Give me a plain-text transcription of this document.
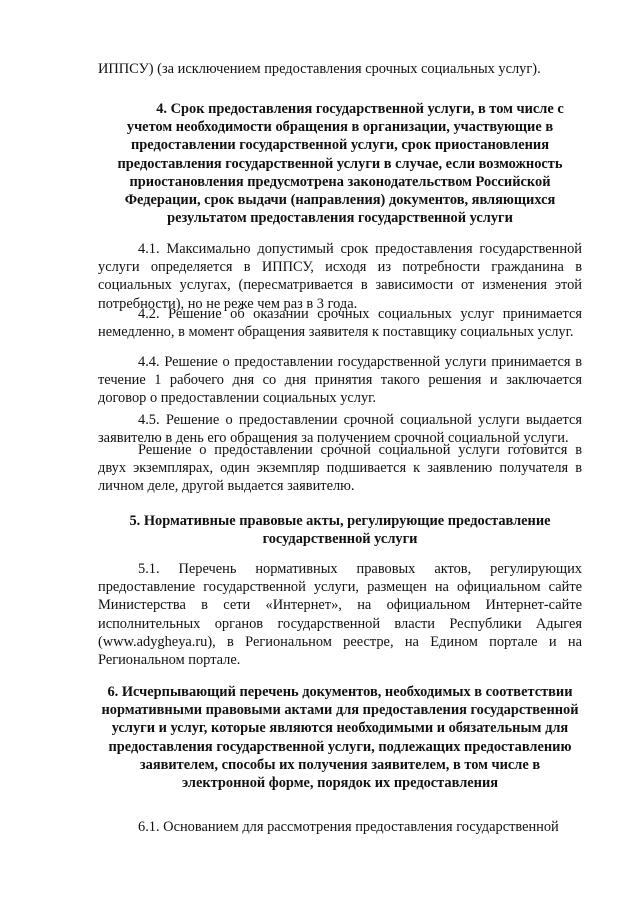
ИППСУ) (за исключением предоставления срочных социальных услуг).

4. Срок предоставления государственной услуги, в том числе с учетом необходимости обращения в организации, участвующие в предоставлении государственной услуги, срок приостановления предоставления государственной услуги в случае, если возможность приостановления предусмотрена законодательством Российской Федерации, срок выдачи (направления) документов, являющихся результатом предоставления государственной услуги

4.1. Максимально допустимый срок предоставления государственной услуги определяется в ИППСУ, исходя из потребности гражданина в социальных услугах, (пересматривается в зависимости от изменения этой потребности), но не реже чем раз в 3 года.

4.2. Решение об оказании срочных социальных услуг принимается немедленно, в момент обращения заявителя к поставщику социальных услуг.

4.4. Решение о предоставлении государственной услуги принимается в течение 1 рабочего дня со дня принятия такого решения и заключается договор о предоставлении социальных услуг.

4.5. Решение о предоставлении срочной социальной услуги выдается заявителю в день его обращения за получением срочной социальной услуги.

Решение о предоставлении срочной социальной услуги готовится в двух экземплярах, один экземпляр подшивается к заявлению получателя в личном деле, другой выдается заявителю.

5. Нормативные правовые акты, регулирующие предоставление государственной услуги

5.1. Перечень нормативных правовых актов, регулирующих предоставление государственной услуги, размещен на официальном сайте Министерства в сети «Интернет», на официальном Интернет-сайте исполнительных органов государственной власти Республики Адыгея (www.adygheya.ru), в Региональном реестре, на Едином портале и на Региональном портале.

6. Исчерпывающий перечень документов, необходимых в соответствии нормативными правовыми актами для предоставления государственной услуги и услуг, которые являются необходимыми и обязательным для предоставления государственной услуги, подлежащих предоставлению заявителем, способы их получения заявителем, в том числе в электронной форме, порядок их предоставления

6.1. Основанием для рассмотрения предоставления государственной
